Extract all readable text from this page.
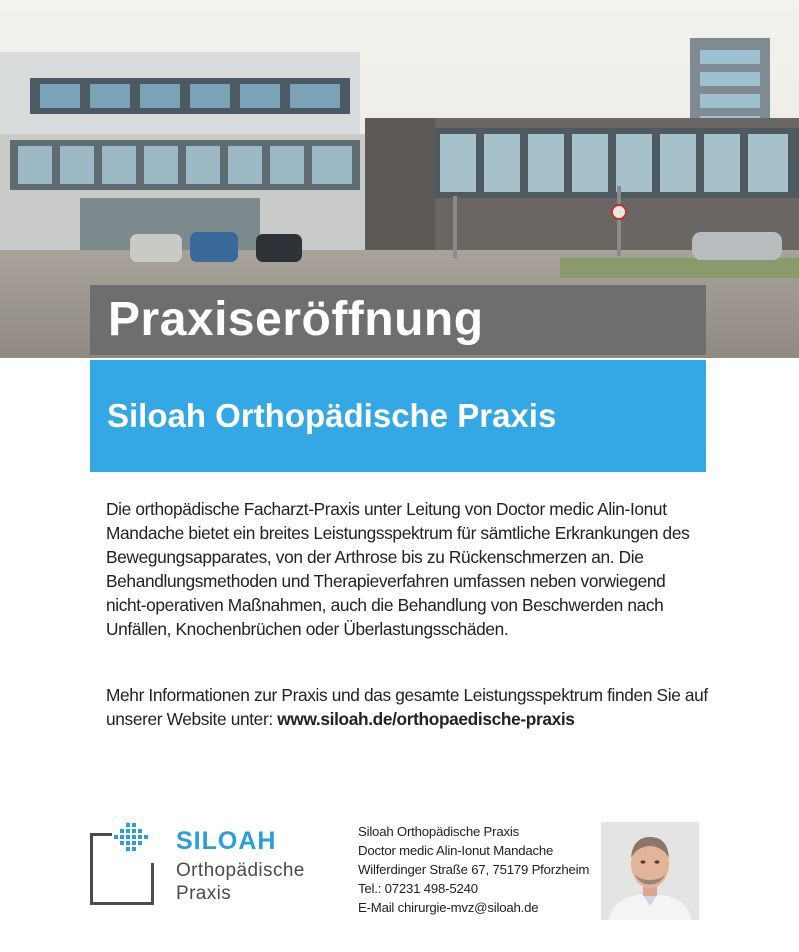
Praxiseröffnung
Siloah Orthopädische Praxis

Die orthopädische Facharzt-Praxis unter Leitung von Doctor medic Alin-Ionut Mandache bietet ein breites Leistungsspektrum für sämtliche Erkrankungen des Bewegungsapparates, von der Arthrose bis zu Rückenschmerzen an. Die Behandlungsmethoden und Therapieverfahren umfassen neben vorwiegend nicht-operativen Maßnahmen, auch die Behandlung von Beschwerden nach Unfällen, Knochenbrüchen oder Überlastungsschäden.

Mehr Informationen zur Praxis und das gesamte Leistungsspektrum finden Sie auf unserer Website unter: www.siloah.de/orthopaedische-praxis
SILOAH
Orthopädische
Praxis
Siloah Orthopädische Praxis
Doctor medic Alin-Ionut Mandache
Wilferdinger Straße 67, 75179 Pforzheim
Tel.: 07231 498-5240
E-Mail chirurgie-mvz@siloah.de
